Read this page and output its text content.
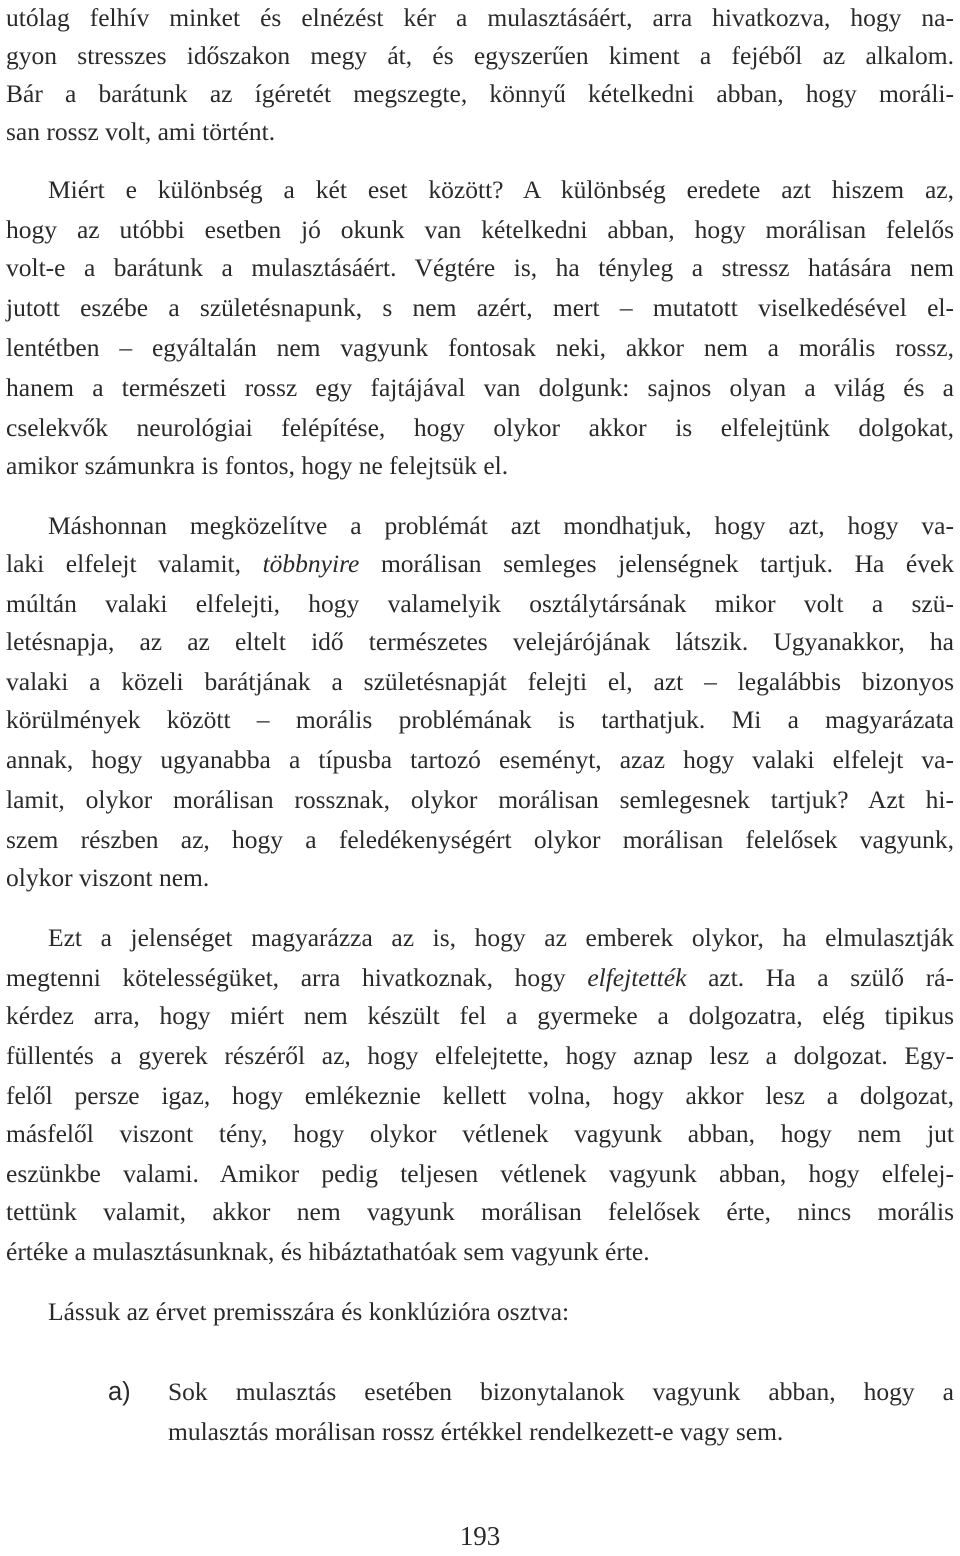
utólag felhív minket és elnézést kér a mulasztásáért, arra hivatkozva, hogy na-
gyon stresszes időszakon megy át, és egyszerűen kiment a fejéből az alkalom.
Bár a barátunk az ígéretét megszegte, könnyű kételkedni abban, hogy moráli-
san rossz volt, ami történt.
Miért e különbség a két eset között? A különbség eredete azt hiszem az,
hogy az utóbbi esetben jó okunk van kételkedni abban, hogy morálisan felelős
volt-e a barátunk a mulasztásáért. Végtére is, ha tényleg a stressz hatására nem
jutott eszébe a születésnapunk, s nem azért, mert – mutatott viselkedésével el-
lentétben – egyáltalán nem vagyunk fontosak neki, akkor nem a morális rossz,
hanem a természeti rossz egy fajtájával van dolgunk: sajnos olyan a világ és a
cselekvők neurológiai felépítése, hogy olykor akkor is elfelejtünk dolgokat,
amikor számunkra is fontos, hogy ne felejtsük el.
Máshonnan megközelítve a problémát azt mondhatjuk, hogy azt, hogy va-
laki elfelejt valamit, többnyire morálisan semleges jelenségnek tartjuk. Ha évek
múltán valaki elfelejti, hogy valamelyik osztálytársának mikor volt a szü-
letésnapja, az az eltelt idő természetes velejárójának látszik. Ugyanakkor, ha
valaki a közeli barátjának a születésnapját felejti el, azt – legalábbis bizonyos
körülmények között – morális problémának is tarthatjuk. Mi a magyarázata
annak, hogy ugyanabba a típusba tartozó eseményt, azaz hogy valaki elfelejt va-
lamit, olykor morálisan rossznak, olykor morálisan semlegesnek tartjuk? Azt hi-
szem részben az, hogy a feledékenységért olykor morálisan felelősek vagyunk,
olykor viszont nem.
Ezt a jelenséget magyarázza az is, hogy az emberek olykor, ha elmulasztják
megtenni kötelességüket, arra hivatkoznak, hogy elfejtették azt. Ha a szülő rá-
kérdez arra, hogy miért nem készült fel a gyermeke a dolgozatra, elég tipikus
füllentés a gyerek részéről az, hogy elfelejtette, hogy aznap lesz a dolgozat. Egy-
felől persze igaz, hogy emlékeznie kellett volna, hogy akkor lesz a dolgozat,
másfelől viszont tény, hogy olykor vétlenek vagyunk abban, hogy nem jut
eszünkbe valami. Amikor pedig teljesen vétlenek vagyunk abban, hogy elfelej-
tettünk valamit, akkor nem vagyunk morálisan felelősek érte, nincs morális
értéke a mulasztásunknak, és hibáztathatóak sem vagyunk érte.
Lássuk az érvet premisszára és konklúzióra osztva:
a)	Sok mulasztás esetében bizonytalanok vagyunk abban, hogy a
mulasztás morálisan rossz értékkel rendelkezett-e vagy sem.
193
